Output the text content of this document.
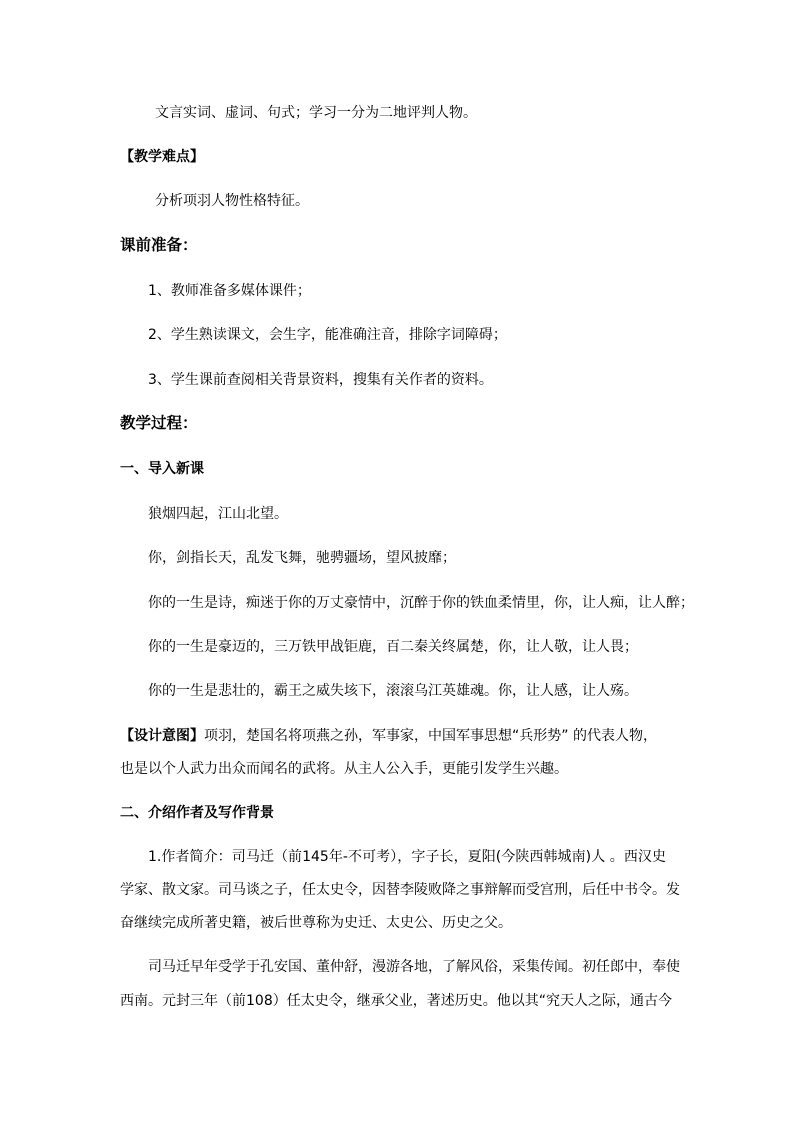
文言实词、虚词、句式；学习一分为二地评判人物。
【教学难点】
分析项羽人物性格特征。
课前准备：
1、教师准备多媒体课件；
2、学生熟读课文，会生字，能准确注音，排除字词障碍；
3、学生课前查阅相关背景资料，搜集有关作者的资料。
教学过程：
一、导入新课
狼烟四起，江山北望。
你，剑指长天，乱发飞舞，驰骋疆场，望风披靡；
你的一生是诗，痴迷于你的万丈豪情中，沉醉于你的铁血柔情里，你，让人痴，让人醉；
你的一生是豪迈的，三万铁甲战钜鹿，百二秦关终属楚，你，让人敬，让人畏；
你的一生是悲壮的，霸王之威失垓下，滚滚乌江英雄魂。你，让人感，让人殇。
【设计意图】项羽，楚国名将项燕之孙，军事家，中国军事思想“兵形势” 的代表人物，
也是以个人武力出众而闻名的武将。从主人公入手，更能引发学生兴趣。
二、介绍作者及写作背景
1.作者简介：司马迁（前145年-不可考），字子长，夏阳(今陕西韩城南)人 。西汉史
学家、散文家。司马谈之子，任太史令，因替李陵败降之事辩解而受宫刑，后任中书令。发
奋继续完成所著史籍，被后世尊称为史迁、太史公、历史之父。
司马迁早年受学于孔安国、董仲舒，漫游各地，了解风俗，采集传闻。初任郎中，奉使
西南。元封三年（前108）任太史令，继承父业，著述历史。他以其“究天人之际，通古今
